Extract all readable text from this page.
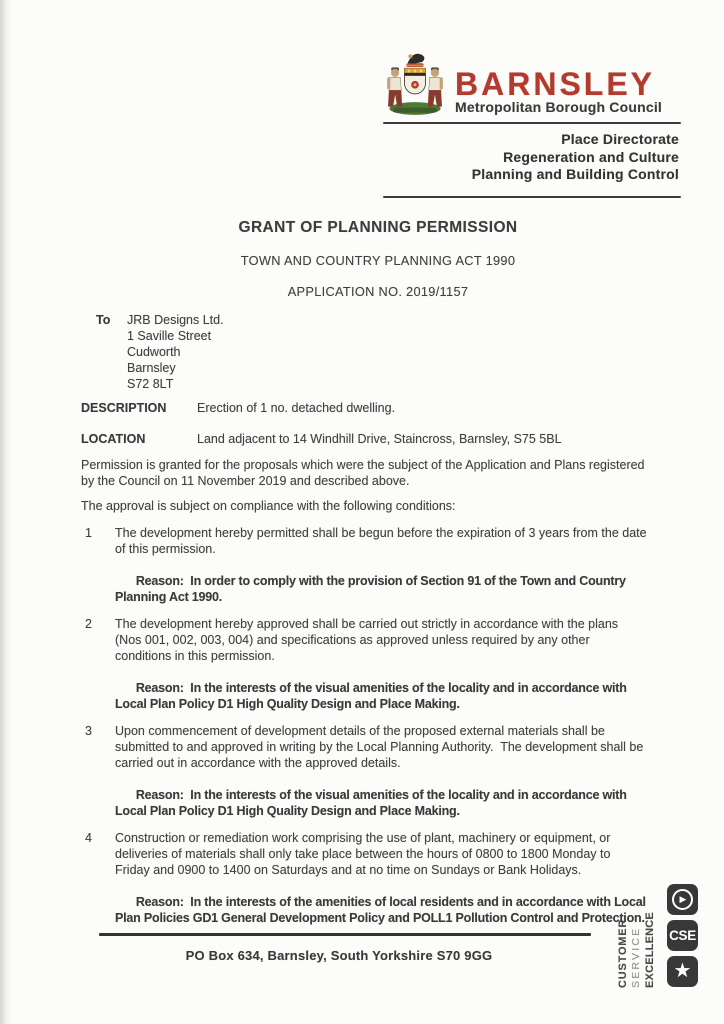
BARNSLEY
Metropolitan Borough Council
Place Directorate
Regeneration and Culture
Planning and Building Control
GRANT OF PLANNING PERMISSION
TOWN AND COUNTRY PLANNING ACT 1990
APPLICATION NO. 2019/1157
To	JRB Designs Ltd.
1 Saville Street
Cudworth
Barnsley
S72 8LT
DESCRIPTION	Erection of 1 no. detached dwelling.
LOCATION	Land adjacent to 14 Windhill Drive, Staincross, Barnsley, S75 5BL

Permission is granted for the proposals which were the subject of the Application and Plans registered by the Council on 11 November 2019 and described above.

The approval is subject on compliance with the following conditions:

1	The development hereby permitted shall be begun before the expiration of 3 years from the date of this permission.

Reason:  In order to comply with the provision of Section 91 of the Town and Country Planning Act 1990.
2	The development hereby approved shall be carried out strictly in accordance with the plans (Nos 001, 002, 003, 004) and specifications as approved unless required by any other conditions in this permission.

Reason:  In the interests of the visual amenities of the locality and in accordance with Local Plan Policy D1 High Quality Design and Place Making.
3	Upon commencement of development details of the proposed external materials shall be submitted to and approved in writing by the Local Planning Authority.  The development shall be carried out in accordance with the approved details.

Reason:  In the interests of the visual amenities of the locality and in accordance with Local Plan Policy D1 High Quality Design and Place Making.
4	Construction or remediation work comprising the use of plant, machinery or equipment, or deliveries of materials shall only take place between the hours of 0800 to 1800 Monday to Friday and 0900 to 1400 on Saturdays and at no time on Sundays or Bank Holidays.

Reason:  In the interests of the amenities of local residents and in accordance with Local Plan Policies GD1 General Development Policy and POLL1 Pollution Control and Protection.
PO Box 634, Barnsley, South Yorkshire S70 9GG	CUSTOMER SERVICE EXCELLENCE
▶
CSE
★
